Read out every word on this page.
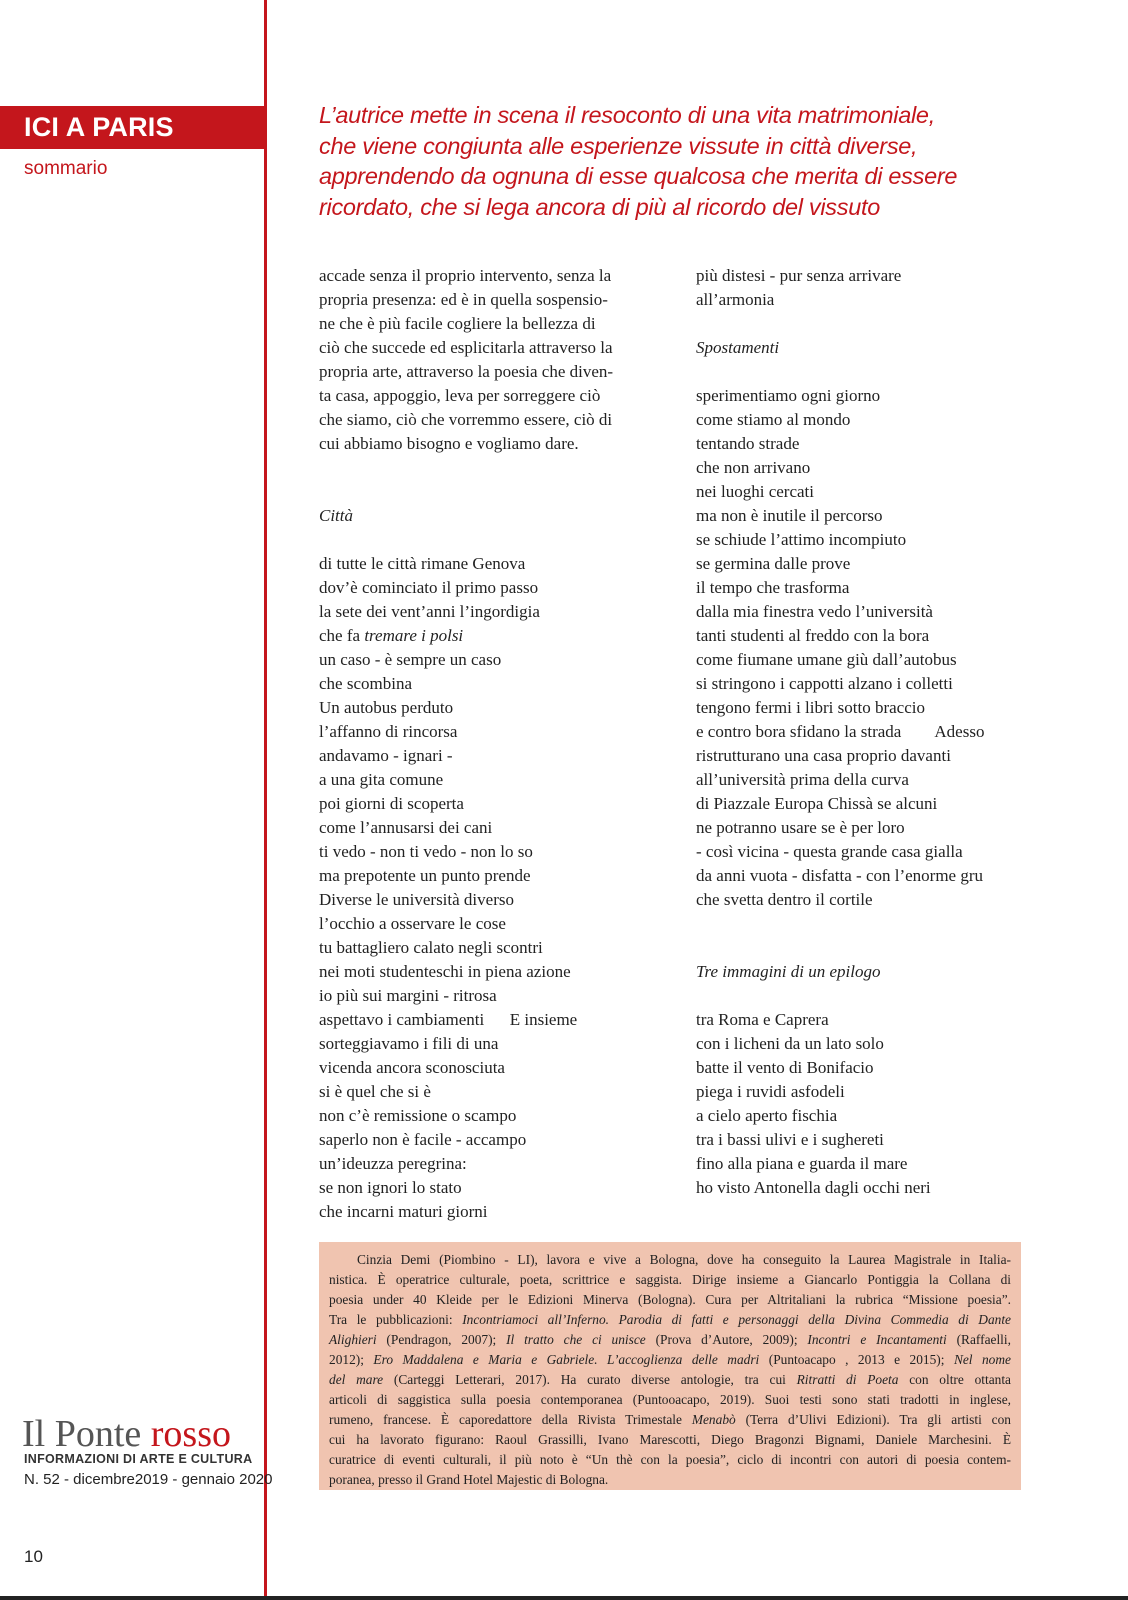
ICI A PARIS
sommario
L’autrice mette in scena il resoconto di una vita matrimoniale,
che viene congiunta alle esperienze vissute in città diverse,
apprendendo da ognuna di esse qualcosa che merita di essere
ricordato, che si lega ancora di più al ricordo del vissuto
accade senza il proprio intervento, senza la
propria presenza: ed è in quella sospensio-
ne che è più facile cogliere la bellezza di
ciò che succede ed esplicitarla attraverso la
propria arte, attraverso la poesia che diven-
ta casa, appoggio, leva per sorreggere ciò
che siamo, ciò che vorremmo essere, ciò di
cui abbiamo bisogno e vogliamo dare.
Città
di tutte le città rimane Genova
dov’è cominciato il primo passo
la sete dei vent’anni l’ingordigia
che fa tremare i polsi
un caso - è sempre un caso
che scombina
Un autobus perduto
l’affanno di rincorsa
andavamo - ignari -
a una gita comune
poi giorni di scoperta
come l’annusarsi dei cani
ti vedo - non ti vedo - non lo so
ma prepotente un punto prende
Diverse le università diverso
l’occhio a osservare le cose
tu battagliero calato negli scontri
nei moti studenteschi in piena azione
io più sui margini - ritrosa
aspettavo i cambiamenti      E insieme
sorteggiavamo i fili di una
vicenda ancora sconosciuta
si è quel che si è
non c’è remissione o scampo
saperlo non è facile - accampo
un’ideuzza peregrina:
se non ignori lo stato
che incarni maturi giorni
più distesi - pur senza arrivare
all’armonia
Spostamenti
sperimentiamo ogni giorno
come stiamo al mondo
tentando strade
che non arrivano
nei luoghi cercati
ma non è inutile il percorso
se schiude l’attimo incompiuto
se germina dalle prove
il tempo che trasforma
dalla mia finestra vedo l’università
tanti studenti al freddo con la bora
come fiumane umane giù dall’autobus
si stringono i cappotti alzano i colletti
tengono fermi i libri sotto braccio
e contro bora sfidano la strada        Adesso
ristrutturano una casa proprio davanti
all’università prima della curva
di Piazzale Europa Chissà se alcuni
ne potranno usare se è per loro
- così vicina - questa grande casa gialla
da anni vuota - disfatta - con l’enorme gru
che svetta dentro il cortile
Tre immagini di un epilogo
tra Roma e Caprera
con i licheni da un lato solo
batte il vento di Bonifacio
piega i ruvidi asfodeli
a cielo aperto fischia
tra i bassi ulivi e i sughereti
fino alla piana e guarda il mare
ho visto Antonella dagli occhi neri
Cinzia Demi (Piombino - LI), lavora e vive a Bologna, dove ha conseguito la Laurea Magistrale in Italia-
nistica. È operatrice culturale, poeta, scrittrice e saggista. Dirige insieme a Giancarlo Pontiggia la Collana di
poesia under 40 Kleide per le Edizioni Minerva (Bologna). Cura per Altritaliani la rubrica “Missione poesia”.
Tra le pubblicazioni: Incontriamoci all’Inferno. Parodia di fatti e personaggi della Divina Commedia di Dante
Alighieri (Pendragon, 2007); Il tratto che ci unisce (Prova d’Autore, 2009); Incontri e Incantamenti (Raffaelli,
2012); Ero Maddalena e Maria e Gabriele. L’accoglienza delle madri (Puntoacapo , 2013 e 2015); Nel nome
del mare (Carteggi Letterari, 2017). Ha curato diverse antologie, tra cui Ritratti di Poeta con oltre ottanta
articoli di saggistica sulla poesia contemporanea (Puntooacapo, 2019). Suoi testi sono stati tradotti in inglese,
rumeno, francese. È caporedattore della Rivista Trimestale Menabò (Terra d’Ulivi Edizioni). Tra gli artisti con
cui ha lavorato figurano: Raoul Grassilli, Ivano Marescotti, Diego Bragonzi Bignami, Daniele Marchesini. È
curatrice di eventi culturali, il più noto è “Un thè con la poesia”, ciclo di incontri con autori di poesia contem-
poranea, presso il Grand Hotel Majestic di Bologna.
Il Ponte rosso
INFORMAZIONI DI ARTE E CULTURA
N. 52 - dicembre2019 - gennaio 2020
10
